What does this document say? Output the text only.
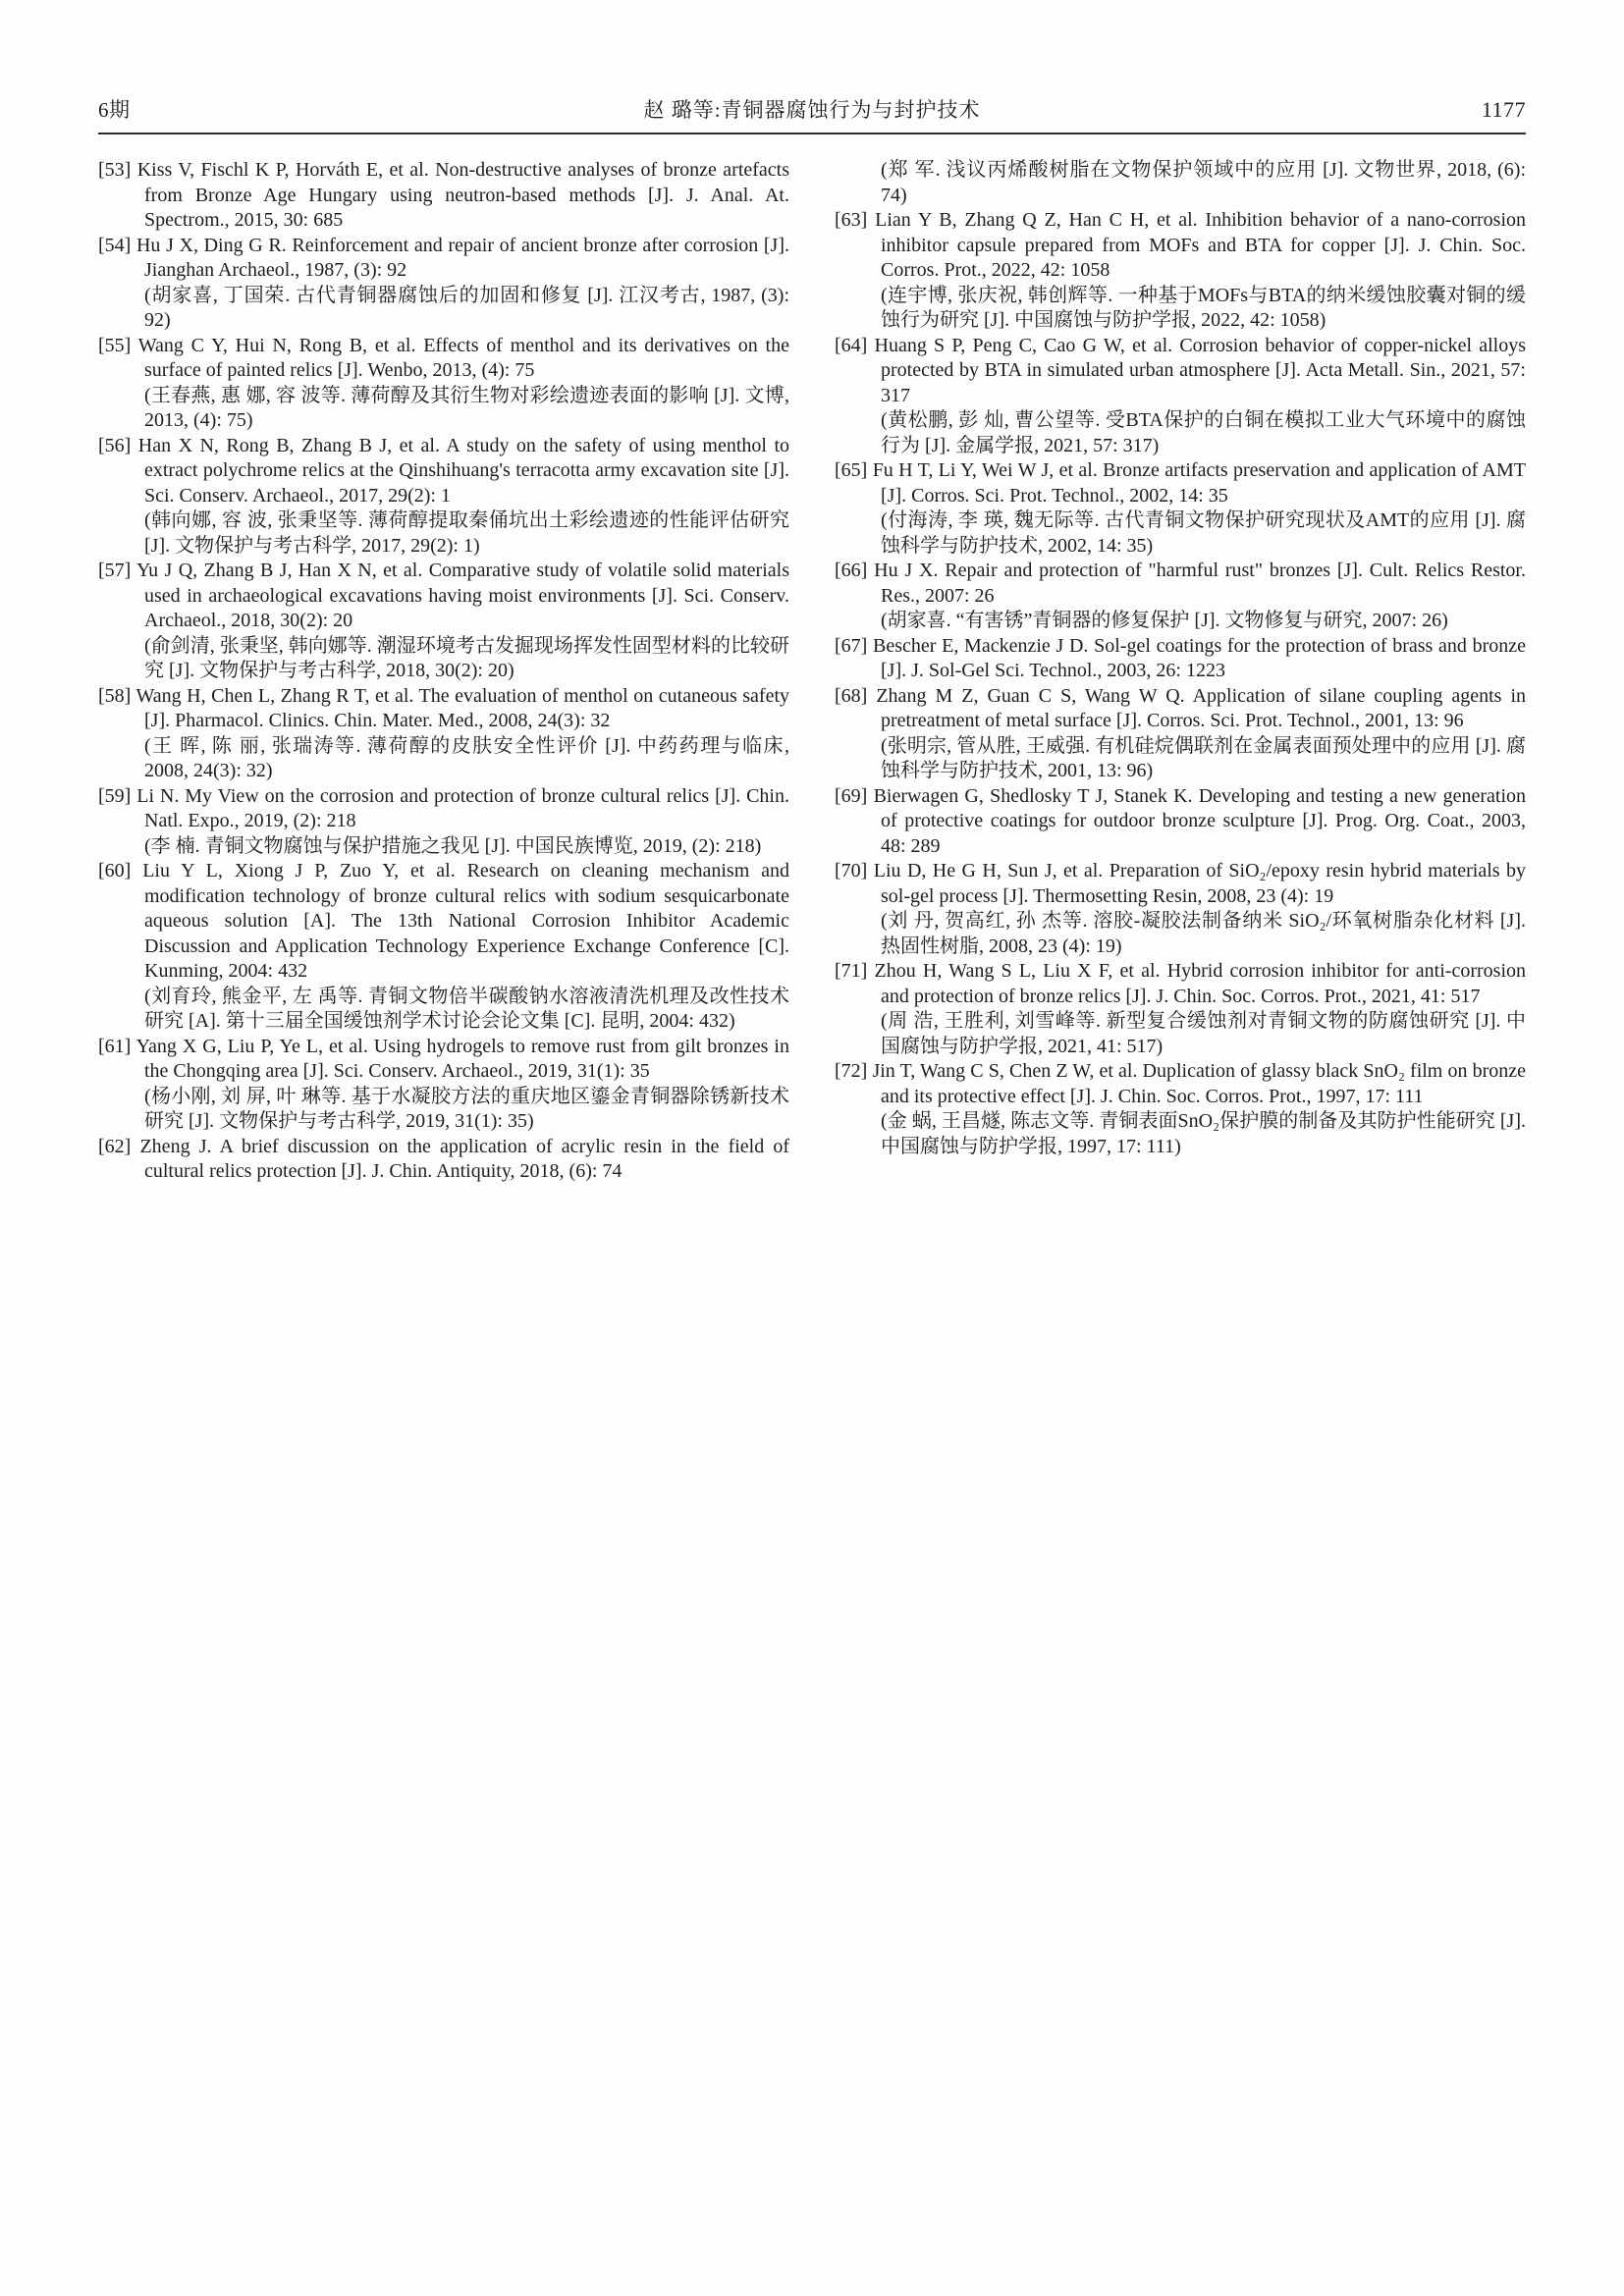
6期	赵 璐等:青铜器腐蚀行为与封护技术	1177
[53] Kiss V, Fischl K P, Horváth E, et al. Non-destructive analyses of bronze artefacts from Bronze Age Hungary using neutron-based methods [J]. J. Anal. At. Spectrom., 2015, 30: 685
[54] Hu J X, Ding G R. Reinforcement and repair of ancient bronze after corrosion [J]. Jianghan Archaeol., 1987, (3): 92
(胡家喜, 丁国荣. 古代青铜器腐蚀后的加固和修复 [J]. 江汉考古, 1987, (3): 92)
[55] Wang C Y, Hui N, Rong B, et al. Effects of menthol and its derivatives on the surface of painted relics [J]. Wenbo, 2013, (4): 75
(王春燕, 惠 娜, 容 波等. 薄荷醇及其衍生物对彩绘遗迹表面的影响 [J]. 文博, 2013, (4): 75)
[56] Han X N, Rong B, Zhang B J, et al. A study on the safety of using menthol to extract polychrome relics at the Qinshihuang's terracotta army excavation site [J]. Sci. Conserv. Archaeol., 2017, 29(2): 1
(韩向娜, 容 波, 张秉坚等. 薄荷醇提取秦俑坑出土彩绘遗迹的性能评估研究 [J]. 文物保护与考古科学, 2017, 29(2): 1)
[57] Yu J Q, Zhang B J, Han X N, et al. Comparative study of volatile solid materials used in archaeological excavations having moist environments [J]. Sci. Conserv. Archaeol., 2018, 30(2): 20
(俞剑清, 张秉坚, 韩向娜等. 潮湿环境考古发掘现场挥发性固型材料的比较研究 [J]. 文物保护与考古科学, 2018, 30(2): 20)
[58] Wang H, Chen L, Zhang R T, et al. The evaluation of menthol on cutaneous safety [J]. Pharmacol. Clinics. Chin. Mater. Med., 2008, 24(3): 32
(王 晖, 陈 丽, 张瑞涛等. 薄荷醇的皮肤安全性评价 [J]. 中药药理与临床, 2008, 24(3): 32)
[59] Li N. My View on the corrosion and protection of bronze cultural relics [J]. Chin. Natl. Expo., 2019, (2): 218
(李 楠. 青铜文物腐蚀与保护措施之我见 [J]. 中国民族博览, 2019, (2): 218)
[60] Liu Y L, Xiong J P, Zuo Y, et al. Research on cleaning mechanism and modification technology of bronze cultural relics with sodium sesquicarbonate aqueous solution [A]. The 13th National Corrosion Inhibitor Academic Discussion and Application Technology Experience Exchange Conference [C]. Kunming, 2004: 432
(刘育玲, 熊金平, 左 禹等. 青铜文物倍半碳酸钠水溶液清洗机理及改性技术研究 [A]. 第十三届全国缓蚀剂学术讨论会论文集 [C]. 昆明, 2004: 432)
[61] Yang X G, Liu P, Ye L, et al. Using hydrogels to remove rust from gilt bronzes in the Chongqing area [J]. Sci. Conserv. Archaeol., 2019, 31(1): 35
(杨小刚, 刘 屏, 叶 琳等. 基于水凝胶方法的重庆地区鎏金青铜器除锈新技术研究 [J]. 文物保护与考古科学, 2019, 31(1): 35)
[62] Zheng J. A brief discussion on the application of acrylic resin in the field of cultural relics protection [J]. J. Chin. Antiquity, 2018, (6): 74
(郑 军. 浅议丙烯酸树脂在文物保护领域中的应用 [J]. 文物世界, 2018, (6): 74)
[63] Lian Y B, Zhang Q Z, Han C H, et al. Inhibition behavior of a nano-corrosion inhibitor capsule prepared from MOFs and BTA for copper [J]. J. Chin. Soc. Corros. Prot., 2022, 42: 1058
(连宇博, 张庆祝, 韩创辉等. 一种基于MOFs与BTA的纳米缓蚀胶囊对铜的缓蚀行为研究 [J]. 中国腐蚀与防护学报, 2022, 42: 1058)
[64] Huang S P, Peng C, Cao G W, et al. Corrosion behavior of copper-nickel alloys protected by BTA in simulated urban atmosphere [J]. Acta Metall. Sin., 2021, 57: 317
(黄松鹏, 彭 灿, 曹公望等. 受BTA保护的白铜在模拟工业大气环境中的腐蚀行为 [J]. 金属学报, 2021, 57: 317)
[65] Fu H T, Li Y, Wei W J, et al. Bronze artifacts preservation and application of AMT [J]. Corros. Sci. Prot. Technol., 2002, 14: 35
(付海涛, 李 瑛, 魏无际等. 古代青铜文物保护研究现状及AMT的应用 [J]. 腐蚀科学与防护技术, 2002, 14: 35)
[66] Hu J X. Repair and protection of "harmful rust" bronzes [J]. Cult. Relics Restor. Res., 2007: 26
(胡家喜. “有害锈”青铜器的修复保护 [J]. 文物修复与研究, 2007: 26)
[67] Bescher E, Mackenzie J D. Sol-gel coatings for the protection of brass and bronze [J]. J. Sol-Gel Sci. Technol., 2003, 26: 1223
[68] Zhang M Z, Guan C S, Wang W Q. Application of silane coupling agents in pretreatment of metal surface [J]. Corros. Sci. Prot. Technol., 2001, 13: 96
(张明宗, 管从胜, 王威强. 有机硅烷偶联剂在金属表面预处理中的应用 [J]. 腐蚀科学与防护技术, 2001, 13: 96)
[69] Bierwagen G, Shedlosky T J, Stanek K. Developing and testing a new generation of protective coatings for outdoor bronze sculpture [J]. Prog. Org. Coat., 2003, 48: 289
[70] Liu D, He G H, Sun J, et al. Preparation of SiO₂/epoxy resin hybrid materials by sol-gel process [J]. Thermosetting Resin, 2008, 23 (4): 19
(刘 丹, 贺高红, 孙 杰等. 溶胶-凝胶法制备纳米 SiO₂/环氧树脂杂化材料 [J]. 热固性树脂, 2008, 23 (4): 19)
[71] Zhou H, Wang S L, Liu X F, et al. Hybrid corrosion inhibitor for anti-corrosion and protection of bronze relics [J]. J. Chin. Soc. Corros. Prot., 2021, 41: 517
(周 浩, 王胜利, 刘雪峰等. 新型复合缓蚀剂对青铜文物的防腐蚀研究 [J]. 中国腐蚀与防护学报, 2021, 41: 517)
[72] Jin T, Wang C S, Chen Z W, et al. Duplication of glassy black SnO₂ film on bronze and its protective effect [J]. J. Chin. Soc. Corros. Prot., 1997, 17: 111
(金 蜗, 王昌燧, 陈志文等. 青铜表面SnO₂保护膜的制备及其防护性能研究 [J]. 中国腐蚀与防护学报, 1997, 17: 111)
